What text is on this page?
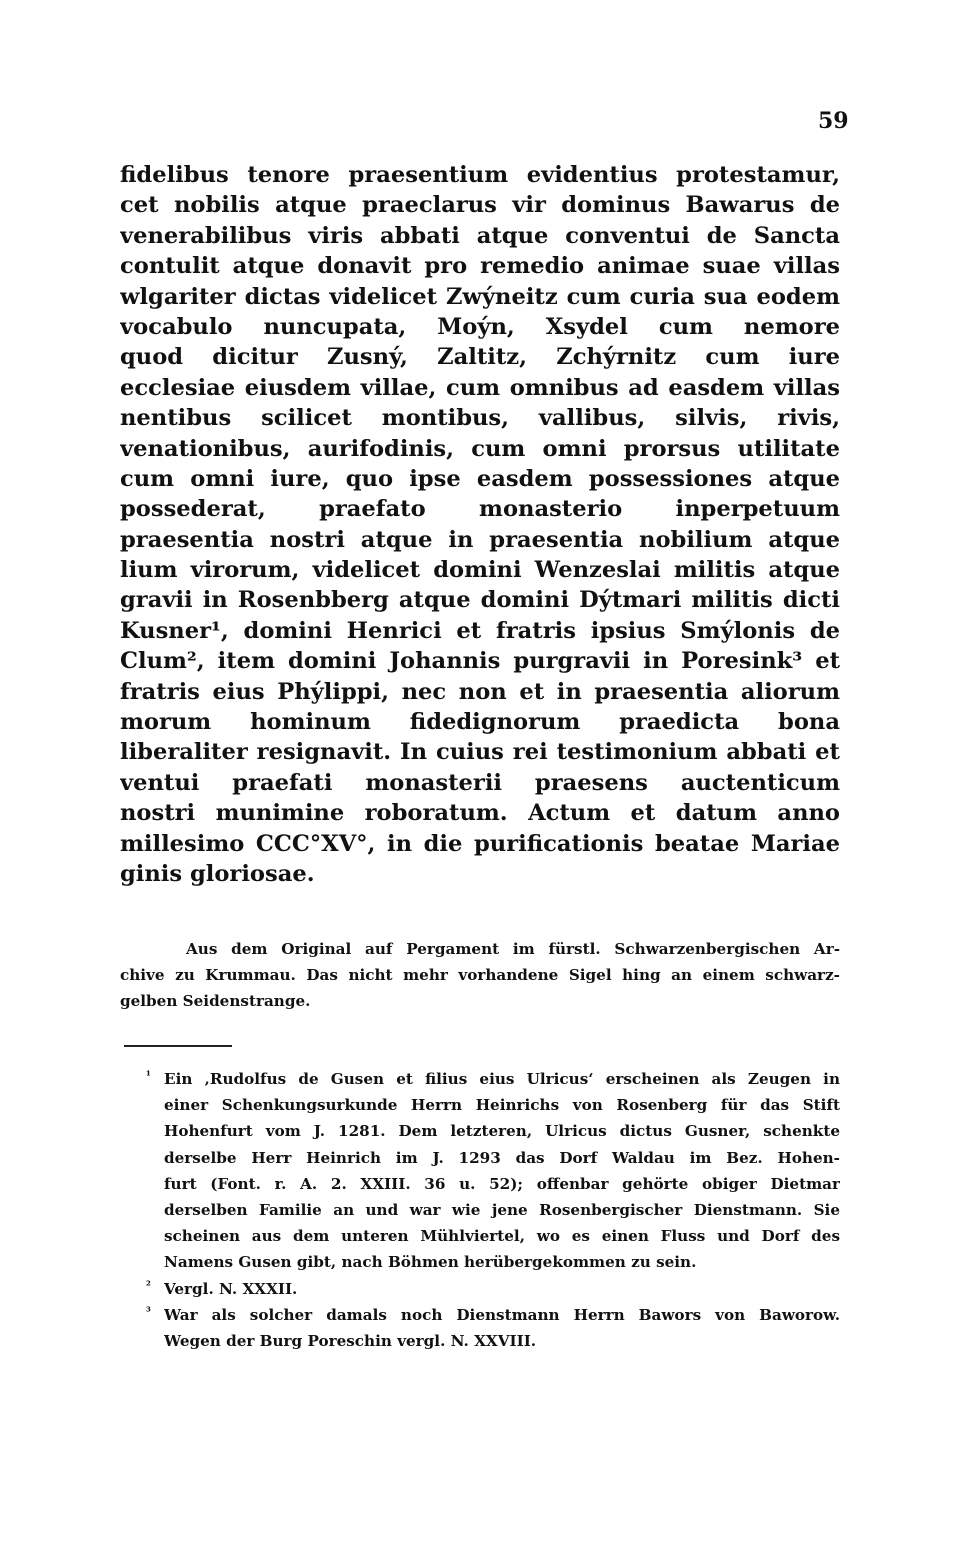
59
fidelibus tenore praesentium evidentius protestamur,
cet nobilis atque praeclarus vir dominus Bawarus de
venerabilibus viris abbati atque conventui de Sancta
contulit atque donavit pro remedio animae suae villas
wlgariter dictas videlicet Zwýneitz cum curia sua eodem
vocabulo nuncupata, Moýn, Xsydel cum nemore
quod dicitur Zusný, Zaltitz, Zchýrnitz cum iure
ecclesiae eiusdem villae, cum omnibus ad easdem villas
nentibus scilicet montibus, vallibus, silvis, rivis,
venationibus, aurifodinis, cum omni prorsus utilitate
cum omni iure, quo ipse easdem possessiones atque
possederat, praefato monasterio inperpetuum
praesentia nostri atque in praesentia nobilium atque
lium virorum, videlicet domini Wenzeslai militis atque
gravii in Rosenbberg atque domini Dýtmari militis dicti
Kusner¹, domini Henrici et fratris ipsius Smýlonis de
Clum², item domini Johannis purgravii in Poresink³ et
fratris eius Phýlippi, nec non et in praesentia aliorum
morum hominum fidedignorum praedicta bona
liberaliter resignavit. In cuius rei testimonium abbati et
ventui praefati monasterii praesens auctenticum
nostri munimine roboratum. Actum et datum anno
millesimo CCC°XV°, in die purificationis beatae Mariae
ginis gloriosae.
Aus dem Original auf Pergament im fürstl. Schwarzenbergischen Ar-
chive zu Krummau. Das nicht mehr vorhandene Sigel hing an einem schwarz-
gelben Seidenstrange.
¹ Ein ‚Rudolfus de Gusen et filius eius Ulricus‘ erscheinen als Zeugen in
einer Schenkungsurkunde Herrn Heinrichs von Rosenberg für das Stift
Hohenfurt vom J. 1281. Dem letzteren, Ulricus dictus Gusner, schenkte
derselbe Herr Heinrich im J. 1293 das Dorf Waldau im Bez. Hohen-
furt (Font. r. A. 2. XXIII. 36 u. 52); offenbar gehörte obiger Dietmar
derselben Familie an und war wie jene Rosenbergischer Dienstmann. Sie
scheinen aus dem unteren Mühlviertel, wo es einen Fluss und Dorf des
Namens Gusen gibt, nach Böhmen herübergekommen zu sein.
² Vergl. N. XXXII.
³ War als solcher damals noch Dienstmann Herrn Bawors von Baworow.
Wegen der Burg Poreschin vergl. N. XXVIII.
